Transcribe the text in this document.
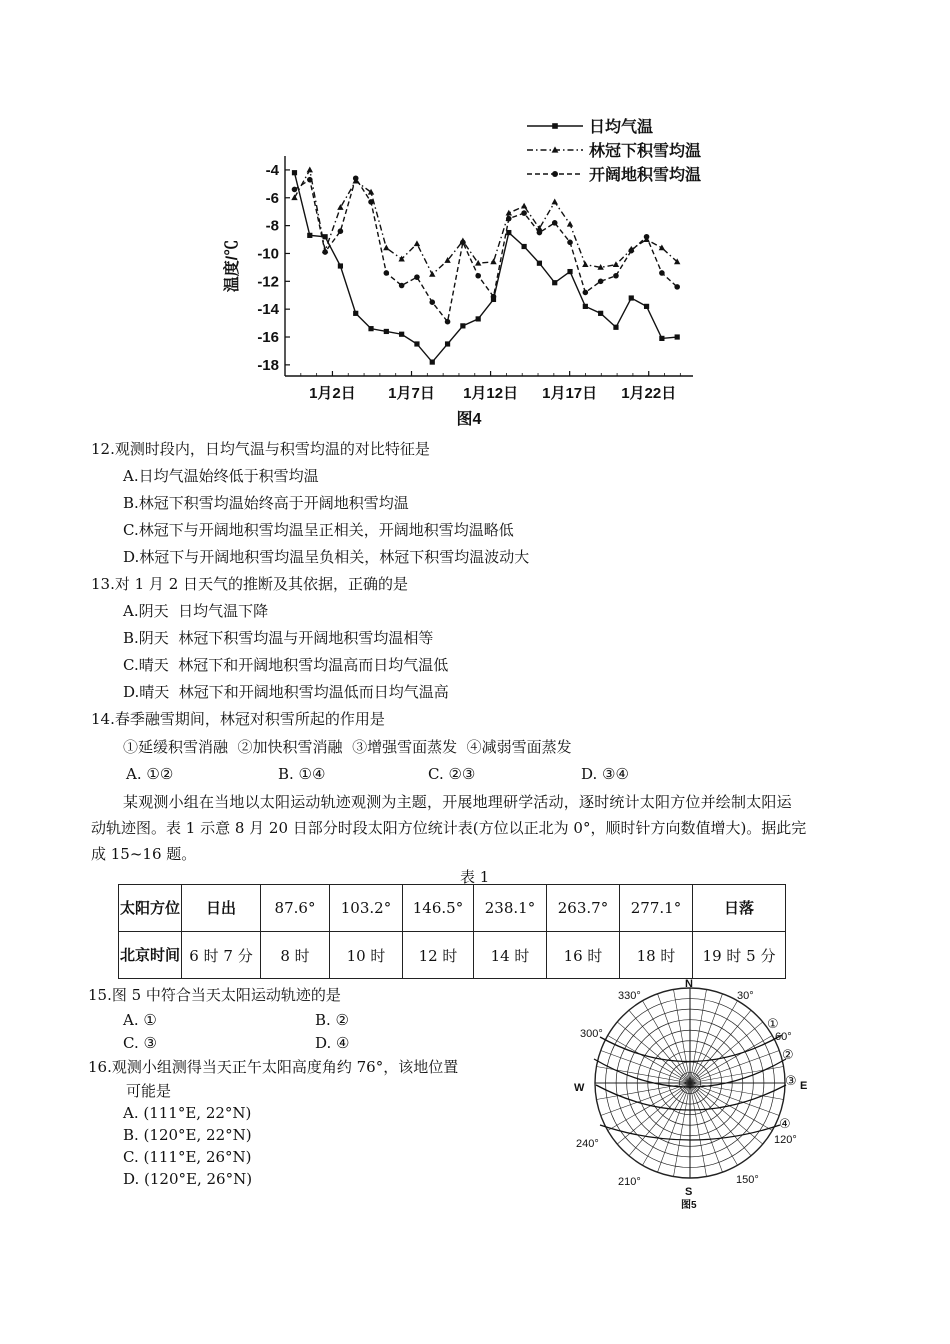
-4
-6
-8
-10
-12
-14
-16
-18
1月2日 1月7日 1月12日 1月17日 1月22日
温度/℃
图4
日均气温
林冠下积雪均温
开阔地积雪均温
12.观测时段内，日均气温与积雪均温的对比特征是
A.日均气温始终低于积雪均温
B.林冠下积雪均温始终高于开阔地积雪均温
C.林冠下与开阔地积雪均温呈正相关，开阔地积雪均温略低
D.林冠下与开阔地积雪均温呈负相关，林冠下积雪均温波动大
13.对 1 月 2 日天气的推断及其依据，正确的是
A.阴天  日均气温下降
B.阴天  林冠下积雪均温与开阔地积雪均温相等
C.晴天  林冠下和开阔地积雪均温高而日均气温低
D.晴天  林冠下和开阔地积雪均温低而日均气温高
14.春季融雪期间，林冠对积雪所起的作用是
①延缓积雪消融  ②加快积雪消融  ③增强雪面蒸发  ④减弱雪面蒸发
A. ①②	B. ①④	C. ②③	D. ③④
某观测小组在当地以太阳运动轨迹观测为主题，开展地理研学活动，逐时统计太阳方位并绘制太阳运
动轨迹图。表 1 示意 8 月 20 日部分时段太阳方位统计表(方位以正北为 0°，顺时针方向数值增大)。据此完
成 15~16 题。
表 1
太阳方位	日出	87.6°	103.2°	146.5°	238.1°	263.7°	277.1°	日落
北京时间	6 时 7 分	8 时	10 时	12 时	14 时	16 时	18 时	19 时 5 分
15.图 5 中符合当天太阳运动轨迹的是
A. ①	B. ②
C. ③	D. ④
16.观测小组测得当天正午太阳高度角约 76°，该地位置
可能是
A. (111°E, 22°N)
B. (120°E, 22°N)
C. (111°E, 26°N)
D. (120°E, 26°N)
N
S
W	E
330°	30°
300°	60°
240°	120°
210°	150°
图5
①
②
③
④
